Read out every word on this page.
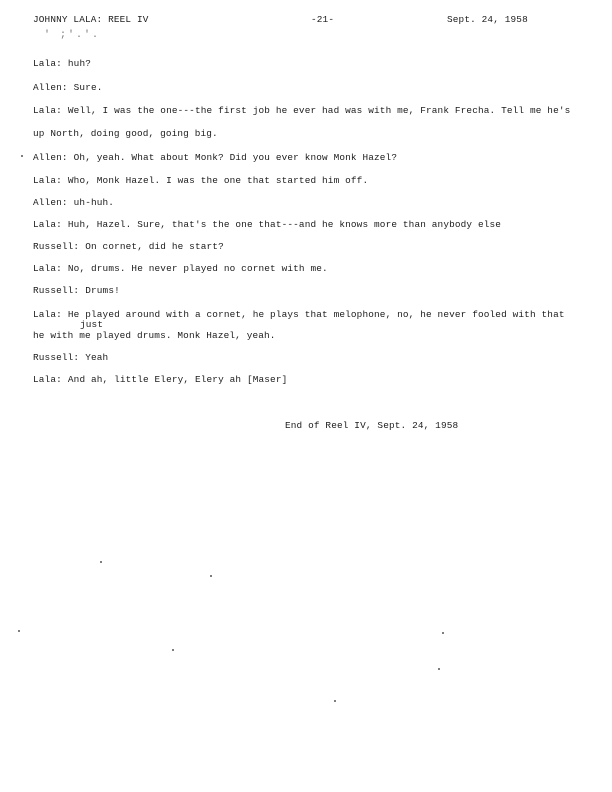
JOHNNY LALA: REEL IV	-21-	Sept. 24, 1958
' ;'.'.
Lala: huh?
Allen: Sure.
Lala: Well, I was the one---the first job he ever had was with me, Frank Frecha. Tell me he's
up North, doing good, going big.
Allen: Oh, yeah. What about Monk? Did you ever know Monk Hazel?
Lala: Who, Monk Hazel. I was the one that started him off.
Allen: uh-huh.
Lala: Huh, Hazel. Sure, that's the one that---and he knows more than anybody else
Russell: On cornet, did he start?
Lala: No, drums. He never played no cornet with me.
Russell: Drums!
Lala: He played around with a cornet, he plays that melophone, no, he never fooled with that
just
he with me played drums. Monk Hazel, yeah.
Russell: Yeah
Lala: And ah, little Elery, Elery ah [Maser]
End of Reel IV, Sept. 24, 1958
